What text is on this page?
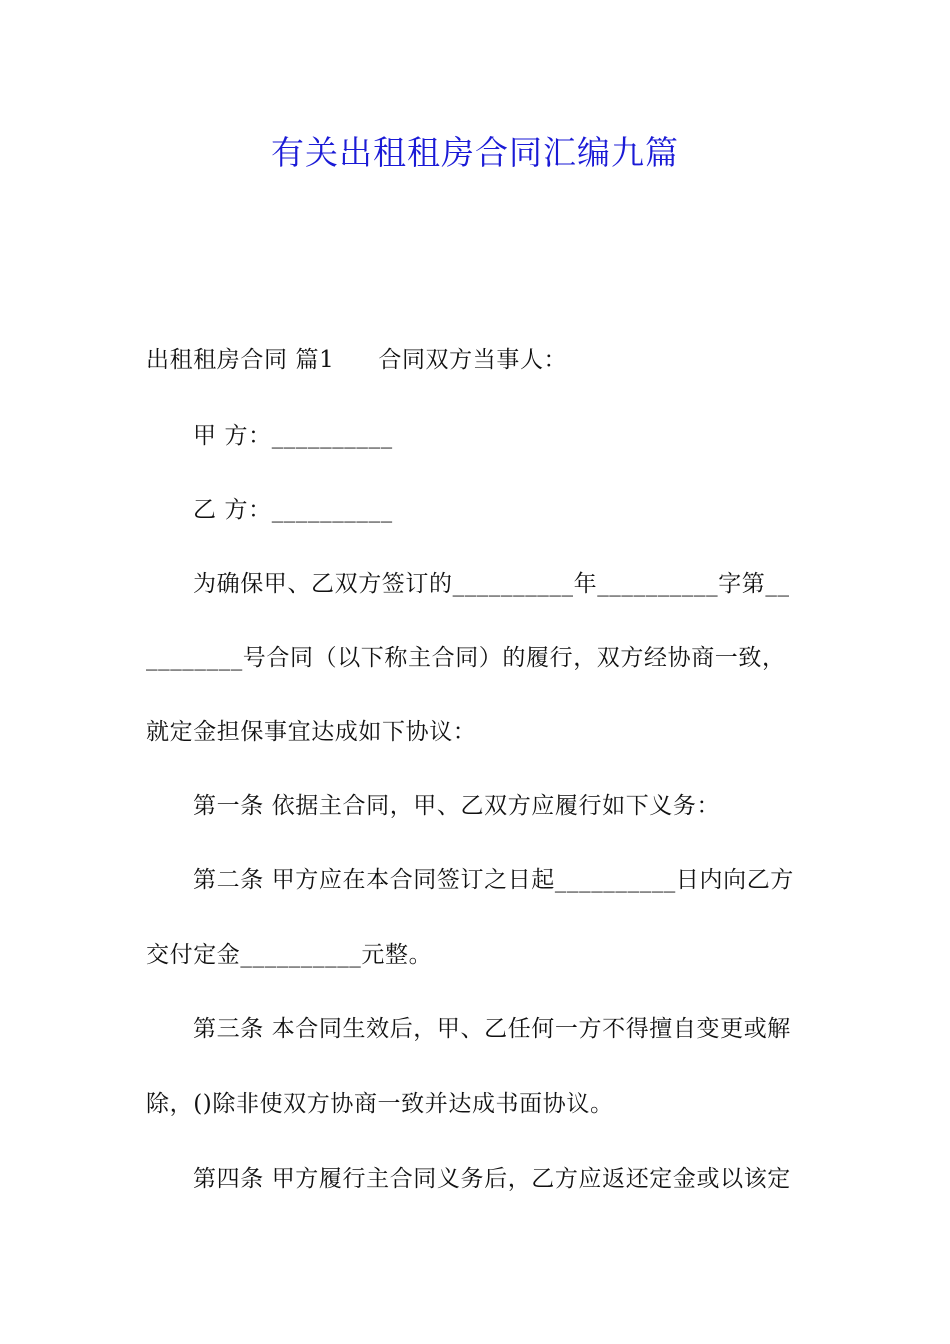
有关出租租房合同汇编九篇
出租租房合同 篇1 合同双方当事人：
甲 方：__________
乙 方：__________
为确保甲、乙双方签订的__________年__________字第__
________号合同（以下称主合同）的履行，双方经协商一致，
就定金担保事宜达成如下协议：
第一条 依据主合同，甲、乙双方应履行如下义务：
第二条 甲方应在本合同签订之日起__________日内向乙方
交付定金__________元整。
第三条 本合同生效后，甲、乙任何一方不得擅自变更或解
除，()除非使双方协商一致并达成书面协议。
第四条 甲方履行主合同义务后，乙方应返还定金或以该定
